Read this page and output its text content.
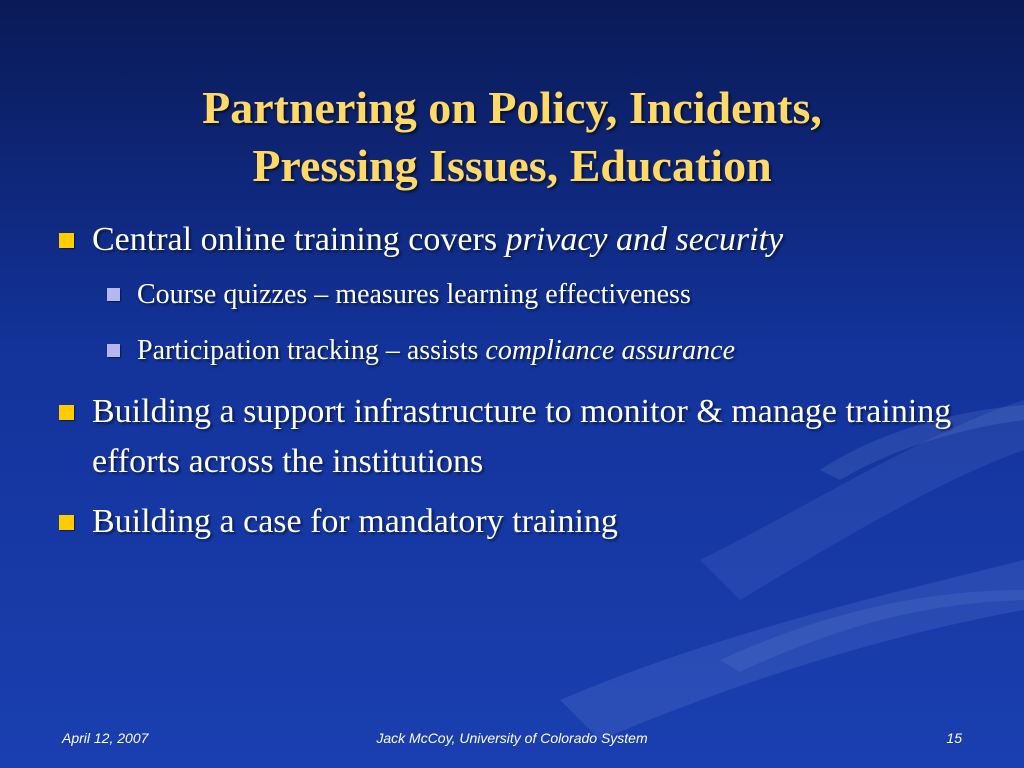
Partnering on Policy, Incidents,
Pressing Issues, Education
Central online training covers privacy and security
Course quizzes – measures learning effectiveness
Participation tracking – assists compliance assurance
Building a support infrastructure to monitor & manage training efforts across the institutions
Building a case for mandatory training
April 12, 2007	Jack McCoy, University of Colorado System	15
